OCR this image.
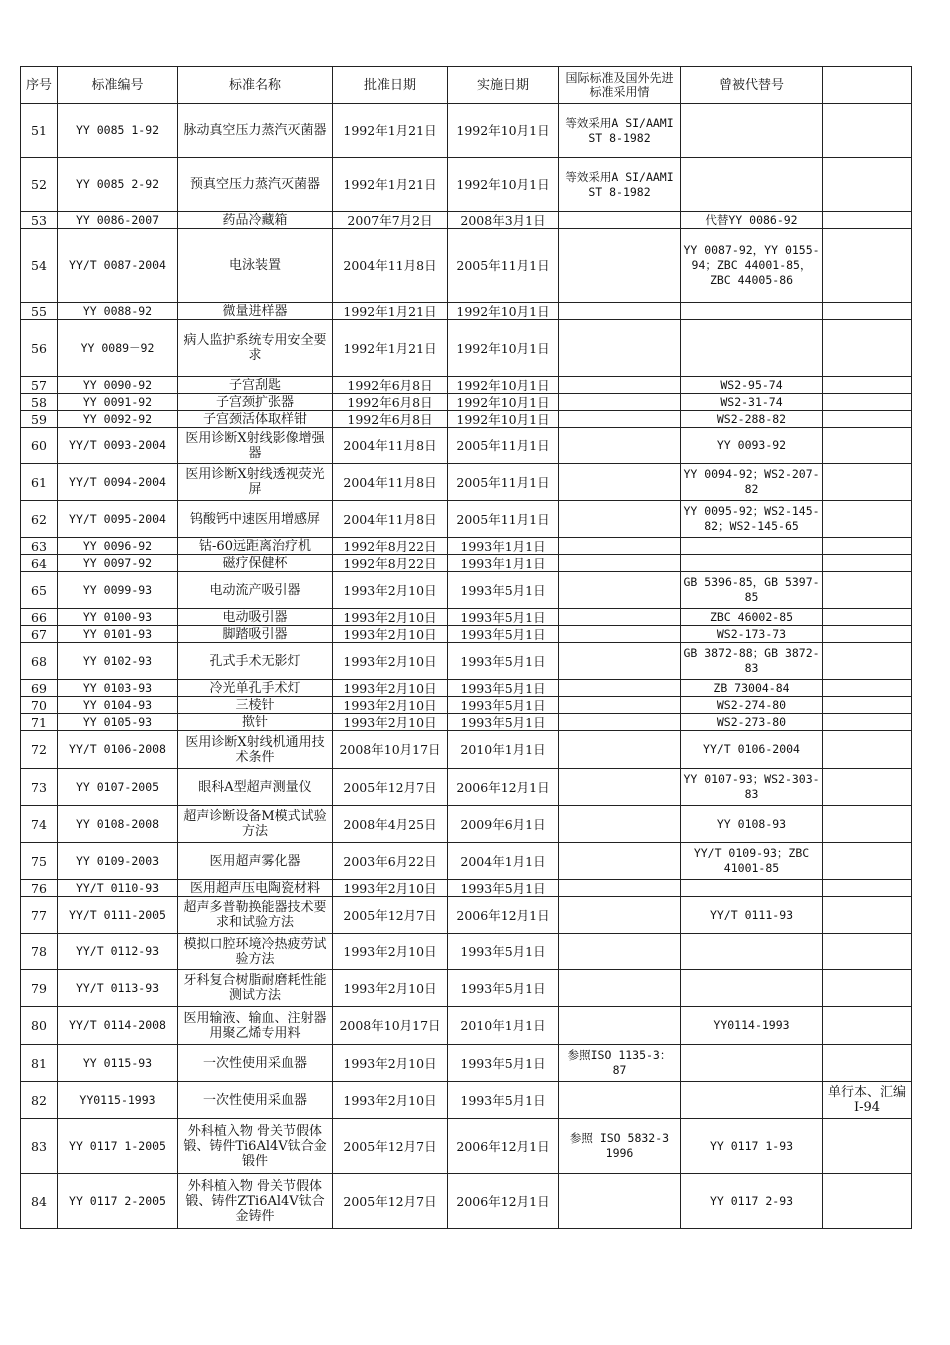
序号	标准编号	标准名称	批准日期	实施日期	国际标准及国外先进标准采用情	曾被代替号	
51	YY 0085 1-92	脉动真空压力蒸汽灭菌器	1992年1月21日	1992年10月1日	等效采用A SI/AAMI ST 8-1982		
52	YY 0085 2-92	预真空压力蒸汽灭菌器	1992年1月21日	1992年10月1日	等效采用A SI/AAMI ST 8-1982		
53	YY 0086-2007	药品冷藏箱	2007年7月2日	2008年3月1日		代替YY 0086-92	
54	YY/T 0087-2004	电泳装置	2004年11月8日	2005年11月1日		YY 0087-92，YY 0155-94；ZBC 44001-85，ZBC 44005-86	
55	YY 0088-92	微量进样器	1992年1月21日	1992年10月1日			
56	YY 0089－92	病人监护系统专用安全要求	1992年1月21日	1992年10月1日			
57	YY 0090-92	子宫刮匙	1992年6月8日	1992年10月1日		WS2-95-74	
58	YY 0091-92	子宫颈扩张器	1992年6月8日	1992年10月1日		WS2-31-74	
59	YY 0092-92	子宫颈活体取样钳	1992年6月8日	1992年10月1日		WS2-288-82	
60	YY/T 0093-2004	医用诊断X射线影像增强器	2004年11月8日	2005年11月1日		YY 0093-92	
61	YY/T 0094-2004	医用诊断X射线透视荧光屏	2004年11月8日	2005年11月1日		YY 0094-92；WS2-207-82	
62	YY/T 0095-2004	钨酸钙中速医用增感屏	2004年11月8日	2005年11月1日		YY 0095-92；WS2-145-82；WS2-145-65	
63	YY 0096-92	钴-60远距离治疗机	1992年8月22日	1993年1月1日			
64	YY 0097-92	磁疗保健杯	1992年8月22日	1993年1月1日			
65	YY 0099-93	电动流产吸引器	1993年2月10日	1993年5月1日		GB 5396-85，GB 5397-85	
66	YY 0100-93	电动吸引器	1993年2月10日	1993年5月1日		ZBC 46002-85	
67	YY 0101-93	脚踏吸引器	1993年2月10日	1993年5月1日		WS2-173-73	
68	YY 0102-93	孔式手术无影灯	1993年2月10日	1993年5月1日		GB 3872-88；GB 3872-83	
69	YY 0103-93	冷光单孔手术灯	1993年2月10日	1993年5月1日		ZB 73004-84	
70	YY 0104-93	三棱针	1993年2月10日	1993年5月1日		WS2-274-80	
71	YY 0105-93	揿针	1993年2月10日	1993年5月1日		WS2-273-80	
72	YY/T 0106-2008	医用诊断X射线机通用技术条件	2008年10月17日	2010年1月1日		YY/T 0106-2004	
73	YY 0107-2005	眼科A型超声测量仪	2005年12月7日	2006年12月1日		YY 0107-93；WS2-303-83	
74	YY 0108-2008	超声诊断设备M模式试验方法	2008年4月25日	2009年6月1日		YY 0108-93	
75	YY 0109-2003	医用超声雾化器	2003年6月22日	2004年1月1日		YY/T 0109-93；ZBC 41001-85	
76	YY/T 0110-93	医用超声压电陶瓷材料	1993年2月10日	1993年5月1日			
77	YY/T 0111-2005	超声多普勒换能器技术要求和试验方法	2005年12月7日	2006年12月1日		YY/T 0111-93	
78	YY/T 0112-93	模拟口腔环境冷热疲劳试验方法	1993年2月10日	1993年5月1日			
79	YY/T 0113-93	牙科复合树脂耐磨耗性能测试方法	1993年2月10日	1993年5月1日			
80	YY/T 0114-2008	医用输液、输血、注射器用聚乙烯专用料	2008年10月17日	2010年1月1日		YY0114-1993	
81	YY 0115-93	一次性使用采血器	1993年2月10日	1993年5月1日	参照ISO 1135-3：87		
82	YY0115-1993	一次性使用采血器	1993年2月10日	1993年5月1日			单行本、汇编I-94
83	YY 0117 1-2005	外科植入物 骨关节假体锻、铸件Ti6Al4V钛合金锻件	2005年12月7日	2006年12月1日	参照 ISO 5832-3 1996	YY 0117 1-93	
84	YY 0117 2-2005	外科植入物 骨关节假体锻、铸件ZTi6Al4V钛合金铸件	2005年12月7日	2006年12月1日		YY 0117 2-93	
